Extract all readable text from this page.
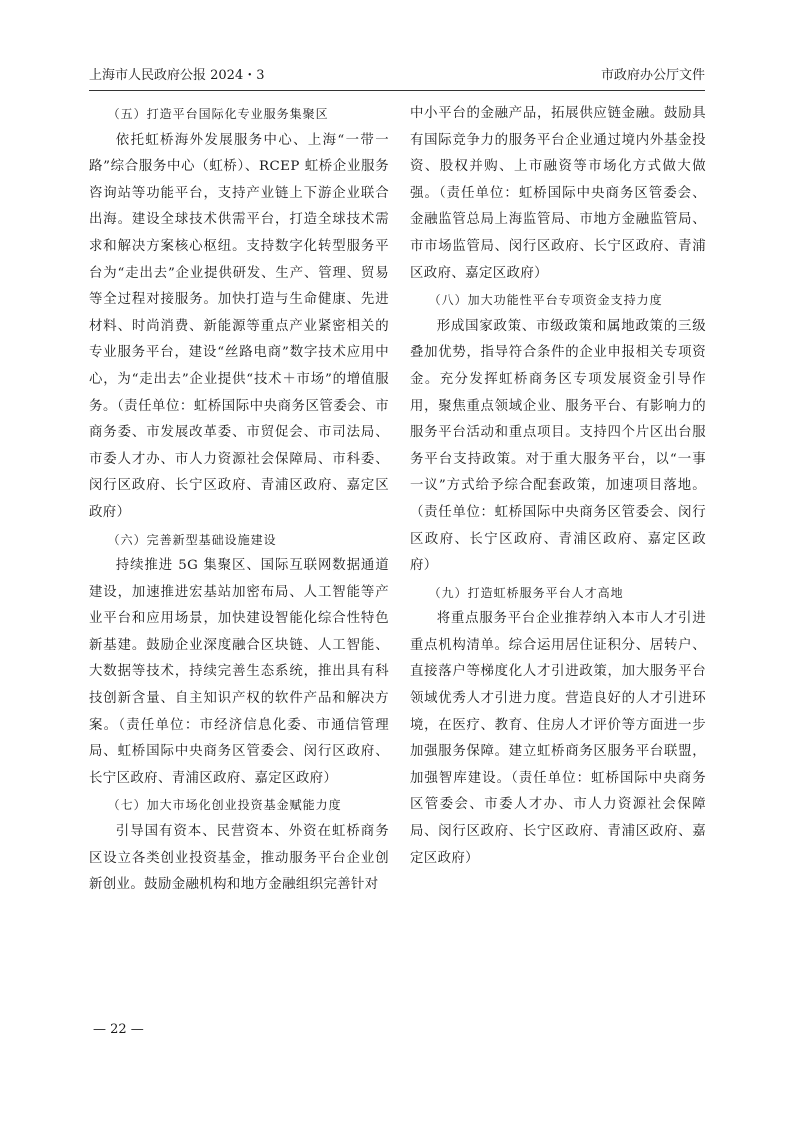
上海市人民政府公报 2024・3	市政府办公厅文件
（五）打造平台国际化专业服务集聚区

依托虹桥海外发展服务中心、上海“一带一路”综合服务中心（虹桥）、RCEP 虹桥企业服务咨询站等功能平台，支持产业链上下游企业联合出海。建设全球技术供需平台，打造全球技术需求和解决方案核心枢纽。支持数字化转型服务平台为“走出去”企业提供研发、生产、管理、贸易等全过程对接服务。加快打造与生命健康、先进材料、时尚消费、新能源等重点产业紧密相关的专业服务平台，建设“丝路电商”数字技术应用中心，为“走出去”企业提供“技术＋市场”的增值服务。（责任单位：虹桥国际中央商务区管委会、市商务委、市发展改革委、市贸促会、市司法局、市委人才办、市人力资源社会保障局、市科委、闵行区政府、长宁区政府、青浦区政府、嘉定区政府）

（六）完善新型基础设施建设

持续推进 5G 集聚区、国际互联网数据通道建设，加速推进宏基站加密布局、人工智能等产业平台和应用场景，加快建设智能化综合性特色新基建。鼓励企业深度融合区块链、人工智能、大数据等技术，持续完善生态系统，推出具有科技创新含量、自主知识产权的软件产品和解决方案。（责任单位：市经济信息化委、市通信管理局、虹桥国际中央商务区管委会、闵行区政府、长宁区政府、青浦区政府、嘉定区政府）

（七）加大市场化创业投资基金赋能力度

引导国有资本、民营资本、外资在虹桥商务区设立各类创业投资基金，推动服务平台企业创新创业。鼓励金融机构和地方金融组织完善针对

中小平台的金融产品，拓展供应链金融。鼓励具有国际竞争力的服务平台企业通过境内外基金投资、股权并购、上市融资等市场化方式做大做强。（责任单位：虹桥国际中央商务区管委会、金融监管总局上海监管局、市地方金融监管局、市市场监管局、闵行区政府、长宁区政府、青浦区政府、嘉定区政府）

（八）加大功能性平台专项资金支持力度

形成国家政策、市级政策和属地政策的三级叠加优势，指导符合条件的企业申报相关专项资金。充分发挥虹桥商务区专项发展资金引导作用，聚焦重点领域企业、服务平台、有影响力的服务平台活动和重点项目。支持四个片区出台服务平台支持政策。对于重大服务平台，以“一事一议”方式给予综合配套政策，加速项目落地。（责任单位：虹桥国际中央商务区管委会、闵行区政府、长宁区政府、青浦区政府、嘉定区政府）

（九）打造虹桥服务平台人才高地

将重点服务平台企业推荐纳入本市人才引进重点机构清单。综合运用居住证积分、居转户、直接落户等梯度化人才引进政策，加大服务平台领域优秀人才引进力度。营造良好的人才引进环境，在医疗、教育、住房人才评价等方面进一步加强服务保障。建立虹桥商务区服务平台联盟，加强智库建设。（责任单位：虹桥国际中央商务区管委会、市委人才办、市人力资源社会保障局、闵行区政府、长宁区政府、青浦区政府、嘉定区政府）

— 22 —
